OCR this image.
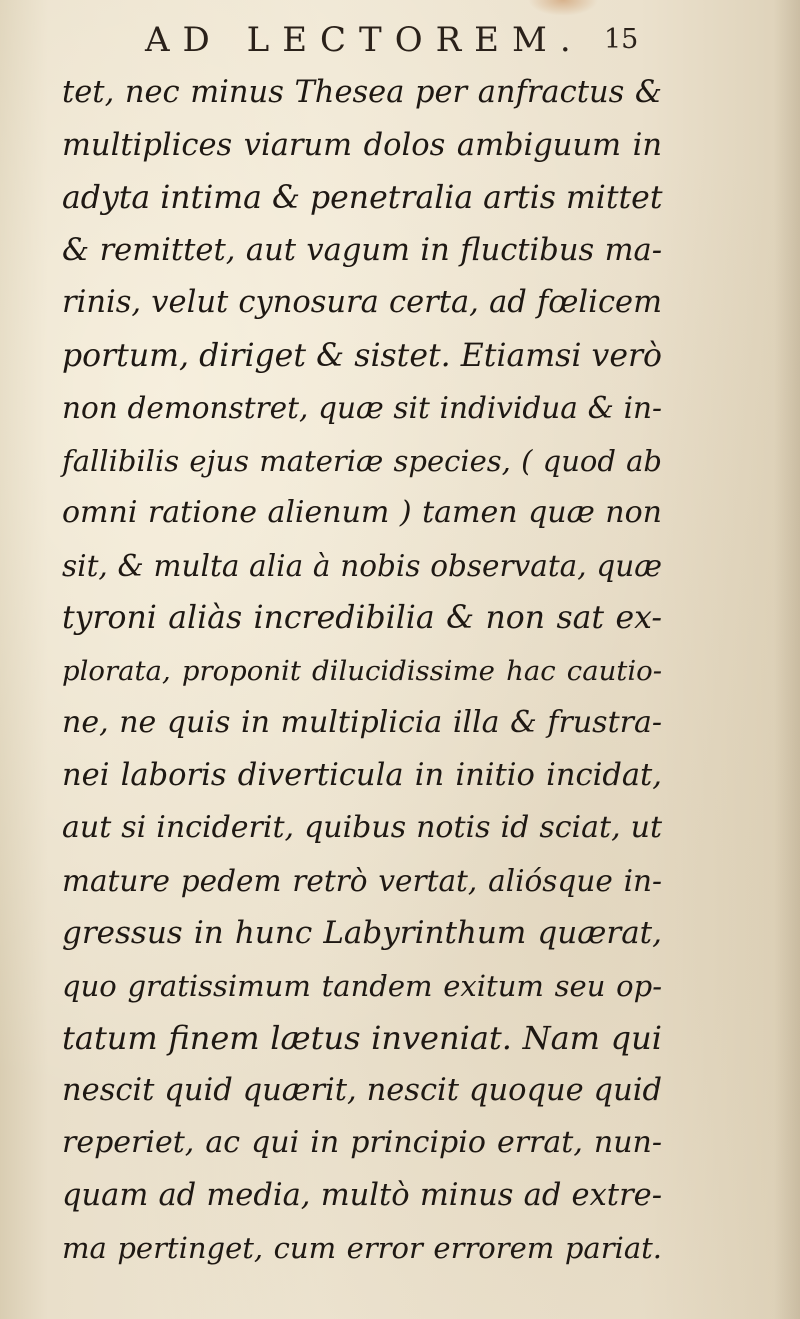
AD LECTOREM. 15
tet, nec minus Thesea per anfractus &
multiplices viarum dolos ambiguum in
adyta intima & penetralia artis mittet
& remittet, aut vagum in fluctibus ma-
rinis, velut cynosura certa, ad fœlicem
portum, diriget & sistet. Etiamsi verò
non demonstret, quæ sit individua & in-
fallibilis ejus materiæ species, ( quod ab
omni ratione alienum ) tamen quæ non
sit, & multa alia à nobis observata, quæ
tyroni aliàs incredibilia & non sat ex-
plorata, proponit dilucidissime hac cautio-
ne, ne quis in multiplicia illa & frustra-
nei laboris diverticula in initio incidat,
aut si inciderit, quibus notis id sciat, ut
mature pedem retrò vertat, aliósque in-
gressus in hunc Labyrinthum quærat,
quo gratissimum tandem exitum seu op-
tatum finem lætus inveniat. Nam qui
nescit quid quærit, nescit quoque quid
reperiet, ac qui in principio errat, nun-
quam ad media, multò minus ad extre-
ma pertinget, cum error errorem pariat.
